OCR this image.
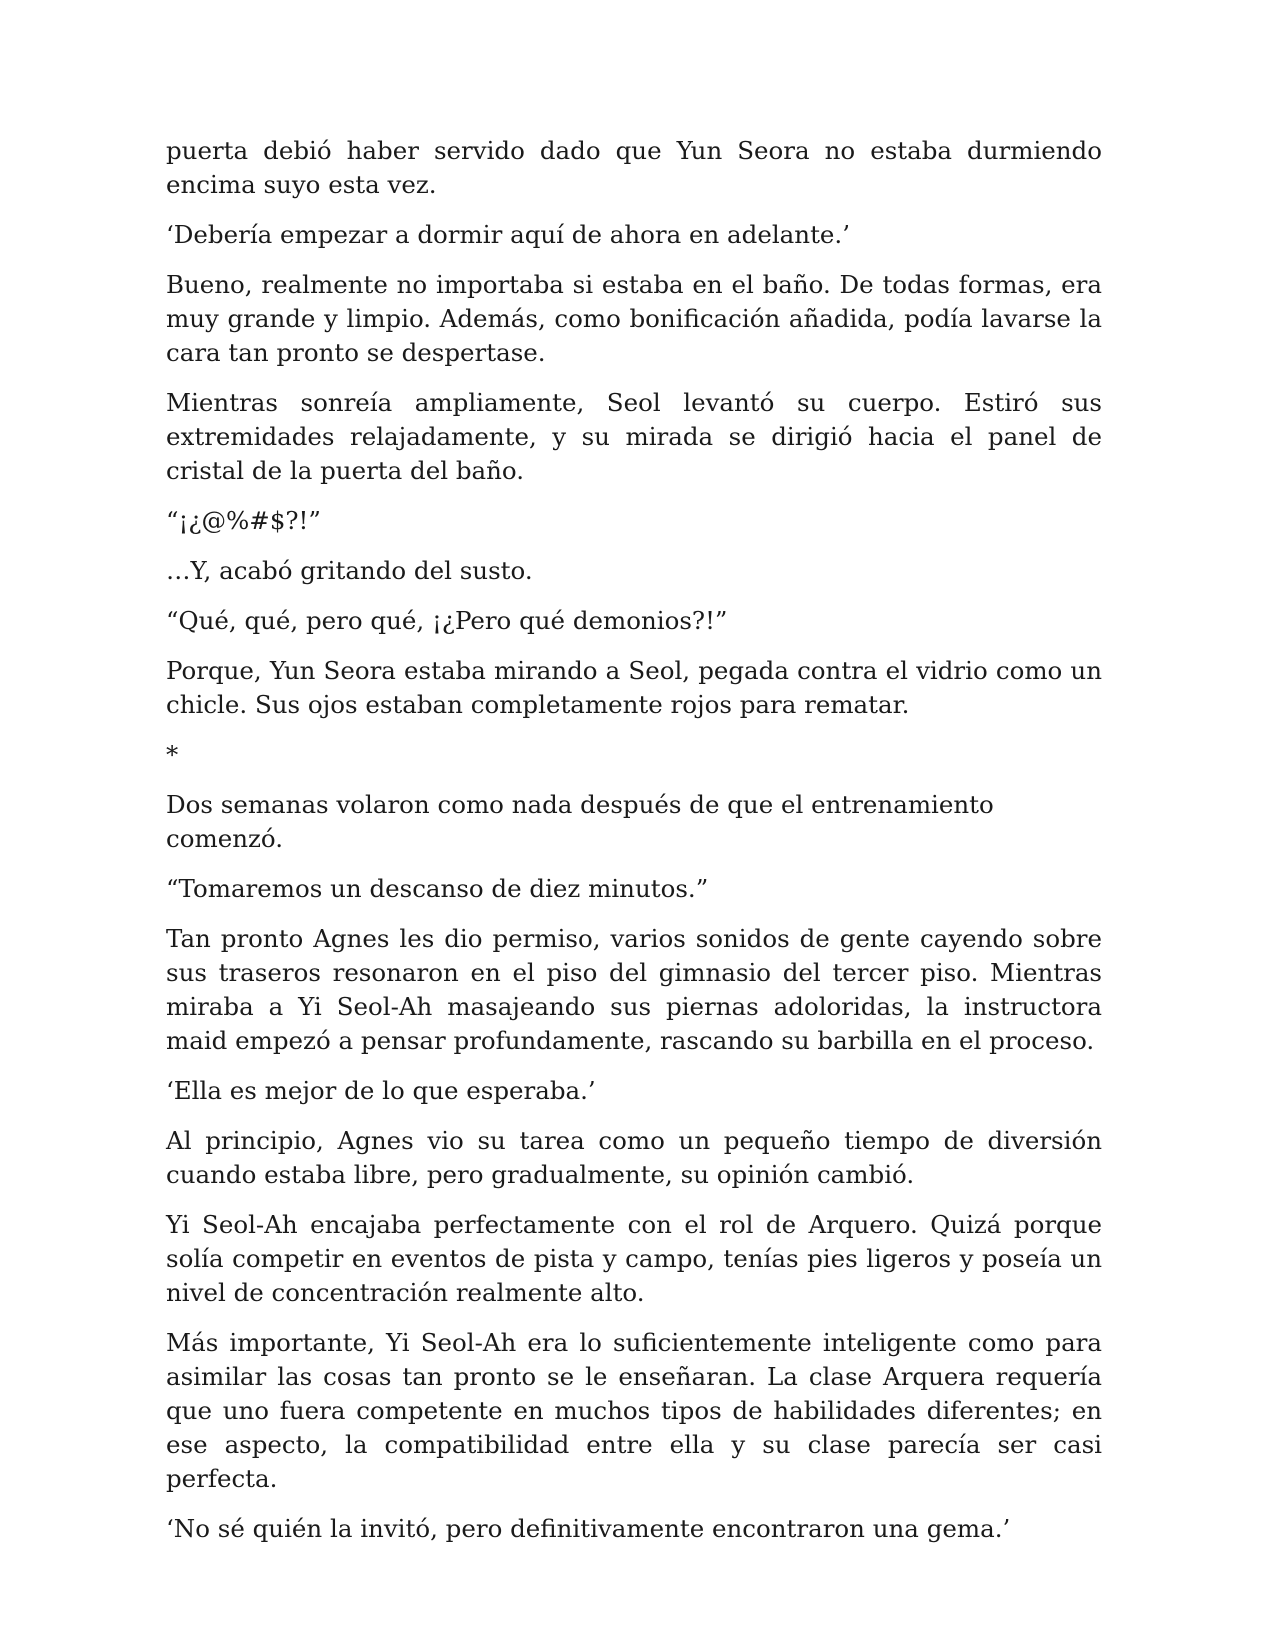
puerta debió haber servido dado que Yun Seora no estaba durmiendo encima suyo esta vez.

‘Debería empezar a dormir aquí de ahora en adelante.’

Bueno, realmente no importaba si estaba en el baño. De todas formas, era muy grande y limpio. Además, como bonificación añadida, podía lavarse la cara tan pronto se despertase.

Mientras sonreía ampliamente, Seol levantó su cuerpo. Estiró sus extremidades relajadamente, y su mirada se dirigió hacia el panel de cristal de la puerta del baño.

“¡¿@%#$?!”

…Y, acabó gritando del susto.

“Qué, qué, pero qué, ¡¿Pero qué demonios?!”

Porque, Yun Seora estaba mirando a Seol, pegada contra el vidrio como un chicle. Sus ojos estaban completamente rojos para rematar.

*

Dos semanas volaron como nada después de que el entrenamiento comenzó.

“Tomaremos un descanso de diez minutos.”

Tan pronto Agnes les dio permiso, varios sonidos de gente cayendo sobre sus traseros resonaron en el piso del gimnasio del tercer piso. Mientras miraba a Yi Seol-Ah masajeando sus piernas adoloridas, la instructora maid empezó a pensar profundamente, rascando su barbilla en el proceso.

‘Ella es mejor de lo que esperaba.’

Al principio, Agnes vio su tarea como un pequeño tiempo de diversión cuando estaba libre, pero gradualmente, su opinión cambió.

Yi Seol-Ah encajaba perfectamente con el rol de Arquero. Quizá porque solía competir en eventos de pista y campo, tenías pies ligeros y poseía un nivel de concentración realmente alto.

Más importante, Yi Seol-Ah era lo suficientemente inteligente como para asimilar las cosas tan pronto se le enseñaran. La clase Arquera requería que uno fuera competente en muchos tipos de habilidades diferentes; en ese aspecto, la compatibilidad entre ella y su clase parecía ser casi perfecta.

‘No sé quién la invitó, pero definitivamente encontraron una gema.’
